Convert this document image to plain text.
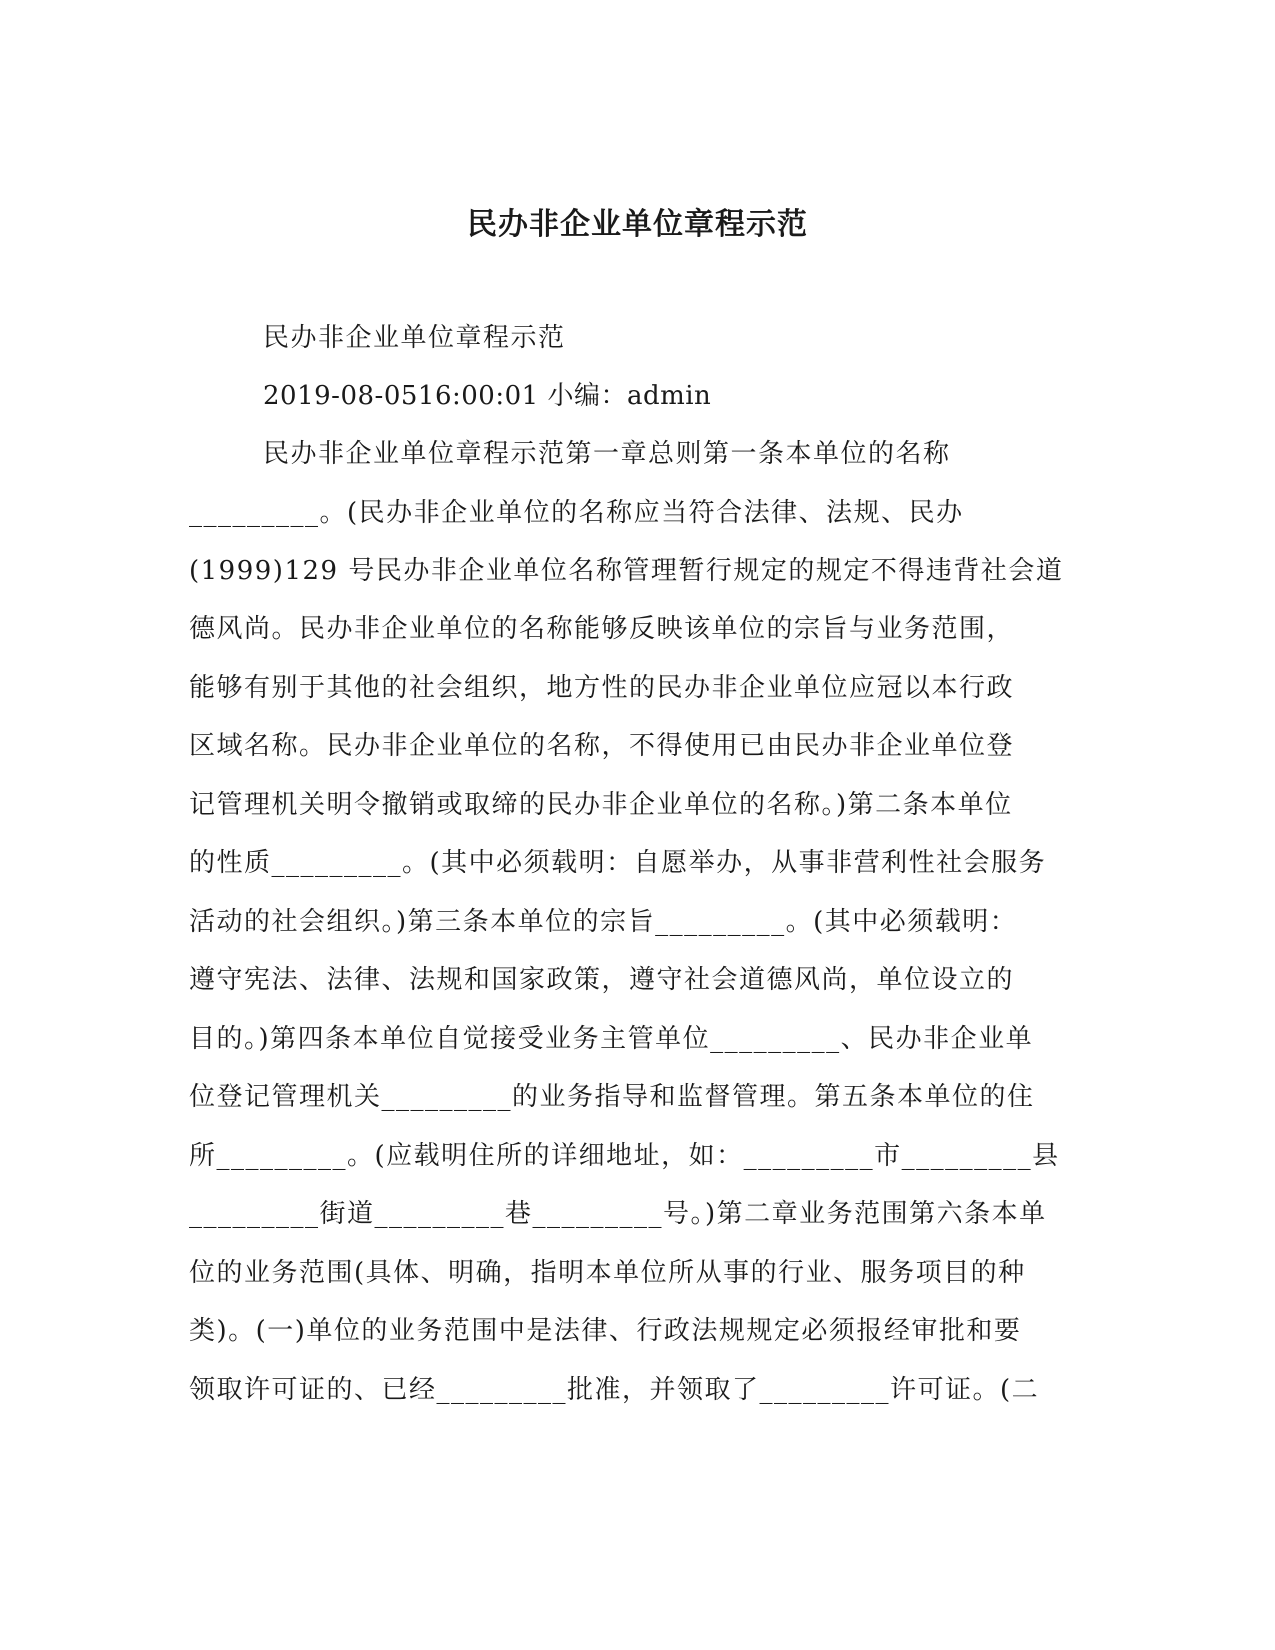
民办非企业单位章程示范
民办非企业单位章程示范
2019-08-0516:00:01 小编：admin
民办非企业单位章程示范第一章总则第一条本单位的名称
_________。(民办非企业单位的名称应当符合法律、法规、民办
(1999)129 号民办非企业单位名称管理暂行规定的规定不得违背社会道
德风尚。民办非企业单位的名称能够反映该单位的宗旨与业务范围，
能够有别于其他的社会组织，地方性的民办非企业单位应冠以本行政
区域名称。民办非企业单位的名称，不得使用已由民办非企业单位登
记管理机关明令撤销或取缔的民办非企业单位的名称。)第二条本单位
的性质_________。(其中必须载明：自愿举办，从事非营利性社会服务
活动的社会组织。)第三条本单位的宗旨_________。(其中必须载明：
遵守宪法、法律、法规和国家政策，遵守社会道德风尚，单位设立的
目的。)第四条本单位自觉接受业务主管单位_________、民办非企业单
位登记管理机关_________的业务指导和监督管理。第五条本单位的住
所_________。(应载明住所的详细地址，如：_________市_________县
_________街道_________巷_________号。)第二章业务范围第六条本单
位的业务范围(具体、明确，指明本单位所从事的行业、服务项目的种
类)。(一)单位的业务范围中是法律、行政法规规定必须报经审批和要
领取许可证的、已经_________批准，并领取了_________许可证。(二
